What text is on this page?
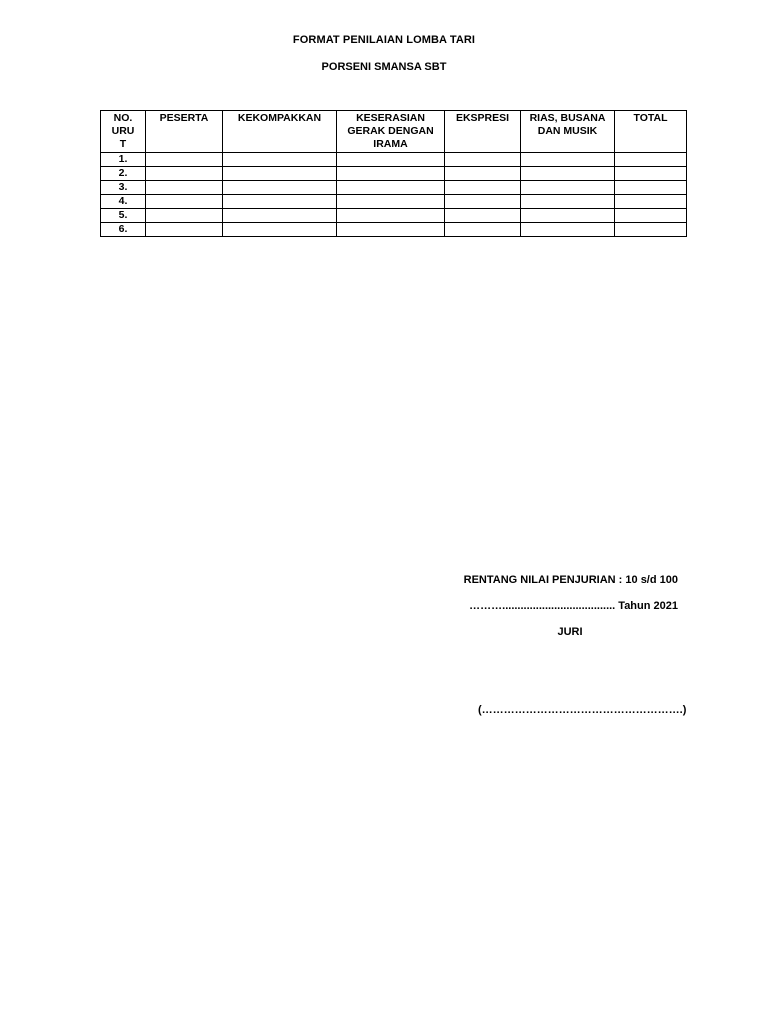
FORMAT PENILAIAN LOMBA TARI
PORSENI SMANSA SBT
NO.
URU
T	PESERTA	KEKOMPAKKAN	KESERASIAN
GERAK DENGAN
IRAMA	EKSPRESI	RIAS, BUSANA
DAN MUSIK	TOTAL
1.						
2.						
3.						
4.						
5.						
6.						
RENTANG NILAI PENJURIAN : 10 s/d 100
………..................................... Tahun 2021
JURI
(……………………………………………….)
